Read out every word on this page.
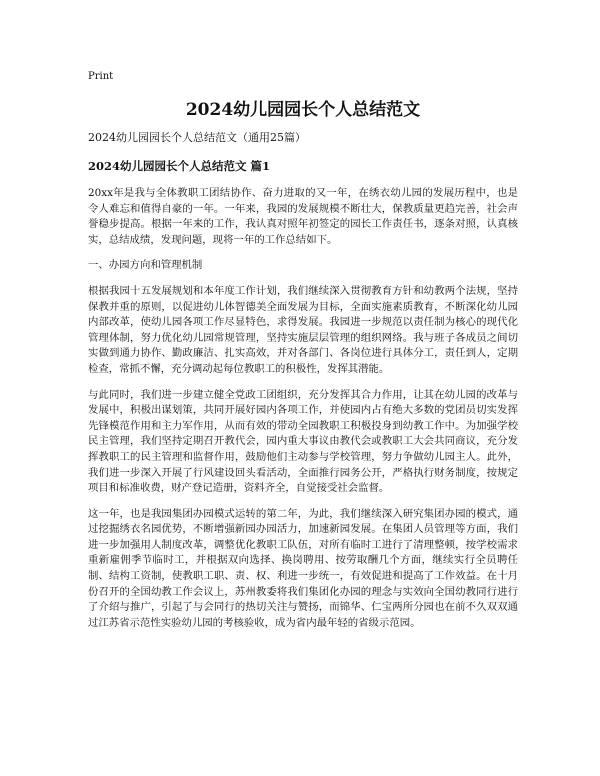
Print
2024幼儿园园长个人总结范文
2024幼儿园园长个人总结范文（通用25篇）
2024幼儿园园长个人总结范文 篇1

20xx年是我与全体教职工团结协作、奋力进取的又一年，在绣衣幼儿园的发展历程中，也是令人难忘和值得自豪的一年。一年来，我园的发展规模不断壮大，保教质量更趋完善，社会声誉稳步提高。根据一年来的工作，我认真对照年初签定的园长工作责任书，逐条对照，认真核实，总结成绩，发现问题，现将一年的工作总结如下。

一、办园方向和管理机制

根据我园十五发展规划和本年度工作计划，我们继续深入贯彻教育方针和幼教两个法规，坚持保教并重的原则，以促进幼儿体智德美全面发展为目标，全面实施素质教育，不断深化幼儿园内部改革，使幼儿园各项工作尽显特色，求得发展。我园进一步规范以责任制为核心的现代化管理体制，努力优化幼儿园常规管理，坚持实施层层管理的组织网络。我与班子各成员之间切实做到通力协作、勤政廉洁、扎实高效，并对各部门、各岗位进行具体分工，责任到人，定期检查，常抓不懈，充分调动起每位教职工的积极性，发挥其潜能。

与此同时，我们进一步建立健全党政工团组织，充分发挥其合力作用，让其在幼儿园的改革与发展中，积极出谋划策，共同开展好园内各项工作，并使园内占有绝大多数的党团员切实发挥先锋模范作用和主力军作用，从而有效的带动全园教职工积极投身到幼教工作中。为加强学校民主管理，我们坚持定期召开教代会，园内重大事议由教代会或教职工大会共同商议，充分发挥教职工的民主管理和监督作用，鼓励他们主动参与学校管理，努力争做幼儿园主人。此外，我们进一步深入开展了行风建设回头看活动，全面推行园务公开，严格执行财务制度，按规定项目和标准收费，财产登记造册，资料齐全，自觉接受社会监督。

这一年，也是我园集团办园模式运转的第二年，为此，我们继续深入研究集团办园的模式，通过挖掘绣衣名园优势，不断增强新园办园活力，加速新园发展。在集团人员管理等方面，我们进一步加强用人制度改革，调整优化教职工队伍，对所有临时工进行了清理整顿，按学校需求重新雇佣季节临时工，并根据双向选择、换岗聘用、按劳取酬几个方面，继续实行全员聘任制、结构工资制，使教职工职、责、权、利进一步统一，有效促进和提高了工作效益。在十月份召开的全国幼教工作会议上，苏州教委将我们集团化办园的理念与实效向全国幼教同行进行了介绍与推广，引起了与会同行的热切关注与赞扬，而锦华、仁宝两所分园也在前不久双双通过江苏省示范性实验幼儿园的考核验收，成为省内最年轻的省级示范园。
